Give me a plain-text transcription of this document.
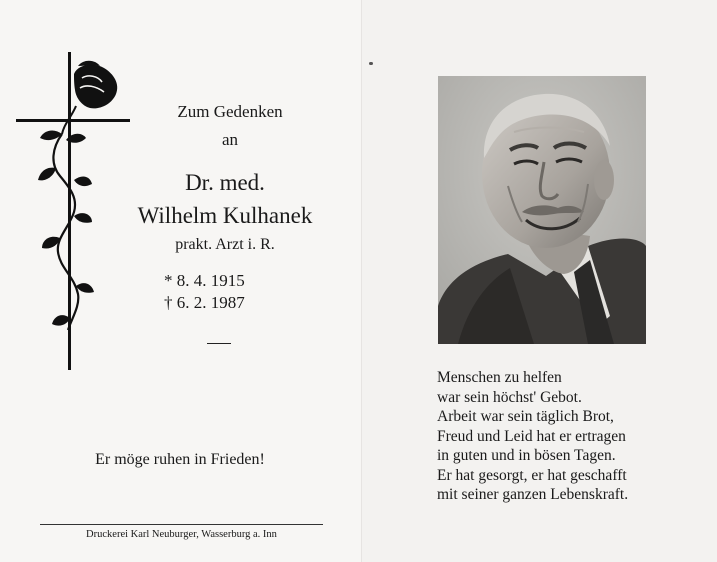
Zum Gedenken
an
Dr. med.
Wilhelm Kulhanek
prakt. Arzt i. R.
* 8. 4. 1915
† 6. 2. 1987
Er möge ruhen in Frieden!
Druckerei Karl Neuburger, Wasserburg a. Inn
Menschen zu helfen
war sein höchst' Gebot.
Arbeit war sein täglich Brot,
Freud und Leid hat er ertragen
in guten und in bösen Tagen.
Er hat gesorgt, er hat geschafft
mit seiner ganzen Lebenskraft.
